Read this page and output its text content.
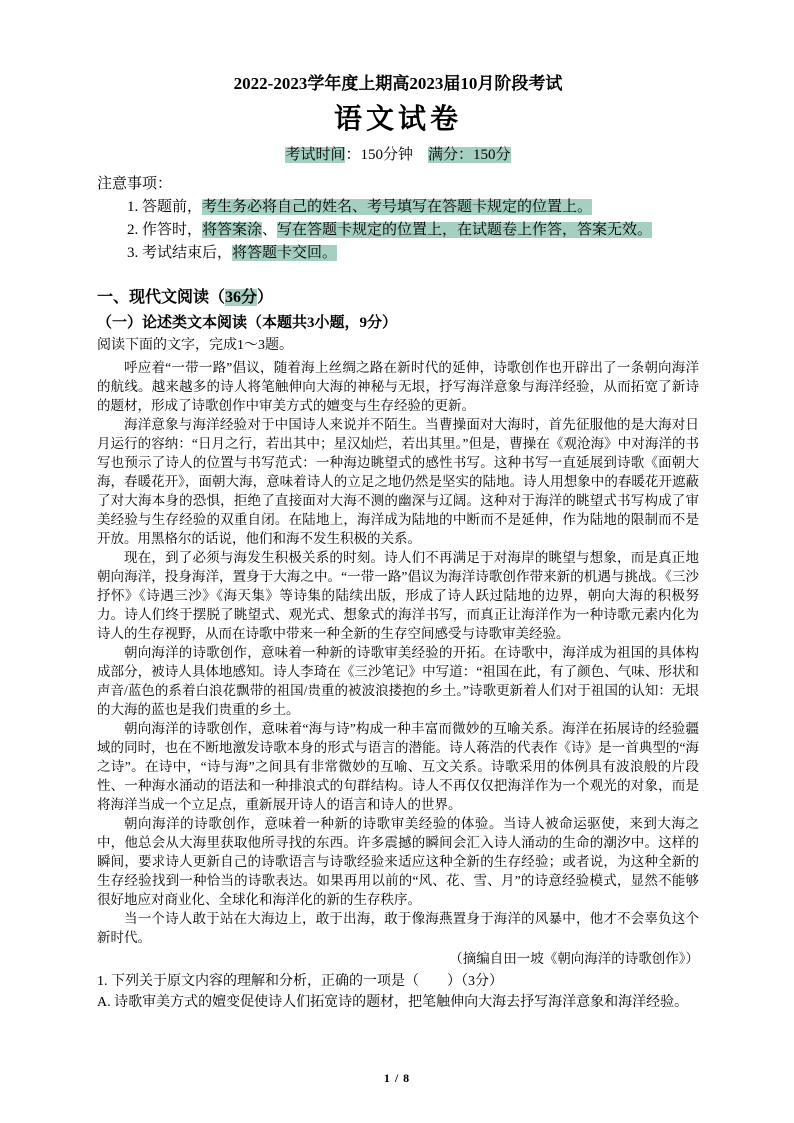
2022-2023学年度上期高2023届10月阶段考试
语文试卷
考试时间：150分钟　满分：150分
注意事项：
1. 答题前，考生务必将自己的姓名、考号填写在答题卡规定的位置上。
2. 作答时，将答案涂、写在答题卡规定的位置上，在试题卷上作答，答案无效。
3. 考试结束后，将答题卡交回。
一、现代文阅读（36分）
（一）论述类文本阅读（本题共3小题，9分）
阅读下面的文字，完成1～3题。

呼应着“一带一路”倡议，随着海上丝绸之路在新时代的延伸，诗歌创作也开辟出了一条朝向海洋的航线。越来越多的诗人将笔触伸向大海的神秘与无垠，抒写海洋意象与海洋经验，从而拓宽了新诗的题材，形成了诗歌创作中审美方式的嬗变与生存经验的更新。

海洋意象与海洋经验对于中国诗人来说并不陌生。当曹操面对大海时，首先征服他的是大海对日月运行的容纳：“日月之行，若出其中；星汉灿烂，若出其里。”但是，曹操在《观沧海》中对海洋的书写也预示了诗人的位置与书写范式：一种海边眺望式的感性书写。这种书写一直延展到诗歌《面朝大海，春暖花开》，面朝大海，意味着诗人的立足之地仍然是坚实的陆地。诗人用想象中的春暖花开遮蔽了对大海本身的恐惧，拒绝了直接面对大海不测的幽深与辽阔。这种对于海洋的眺望式书写构成了审美经验与生存经验的双重自闭。在陆地上，海洋成为陆地的中断而不是延伸，作为陆地的限制而不是开放。用黑格尔的话说，他们和海不发生积极的关系。

现在，到了必须与海发生积极关系的时刻。诗人们不再满足于对海岸的眺望与想象，而是真正地朝向海洋，投身海洋，置身于大海之中。“一带一路”倡议为海洋诗歌创作带来新的机遇与挑战。《三沙抒怀》《诗遇三沙》《海天集》等诗集的陆续出版，形成了诗人跃过陆地的边界，朝向大海的积极努力。诗人们终于摆脱了眺望式、观光式、想象式的海洋书写，而真正让海洋作为一种诗歌元素内化为诗人的生存视野，从而在诗歌中带来一种全新的生存空间感受与诗歌审美经验。

朝向海洋的诗歌创作，意味着一种新的诗歌审美经验的开拓。在诗歌中，海洋成为祖国的具体构成部分，被诗人具体地感知。诗人李琦在《三沙笔记》中写道：“祖国在此，有了颜色、气味、形状和声音/蓝色的系着白浪花飘带的祖国/贵重的被波浪搂抱的乡土。”诗歌更新着人们对于祖国的认知：无垠的大海的蓝也是我们贵重的乡土。

朝向海洋的诗歌创作，意味着“海与诗”构成一种丰富而微妙的互喻关系。海洋在拓展诗的经验疆域的同时，也在不断地激发诗歌本身的形式与语言的潜能。诗人蒋浩的代表作《诗》是一首典型的“海之诗”。在诗中，“诗与海”之间具有非常微妙的互喻、互文关系。诗歌采用的体例具有波浪般的片段性、一种海水涌动的语法和一种排浪式的句群结构。诗人不再仅仅把海洋作为一个观光的对象，而是将海洋当成一个立足点，重新展开诗人的语言和诗人的世界。

朝向海洋的诗歌创作，意味着一种新的诗歌审美经验的体验。当诗人被命运驱使，来到大海之中，他总会从大海里获取他所寻找的东西。许多震撼的瞬间会汇入诗人涌动的生命的潮汐中。这样的瞬间，要求诗人更新自己的诗歌语言与诗歌经验来适应这种全新的生存经验；或者说，为这种全新的生存经验找到一种恰当的诗歌表达。如果再用以前的“风、花、雪、月”的诗意经验模式，显然不能够很好地应对商业化、全球化和海洋化的新的生存秩序。

当一个诗人敢于站在大海边上，敢于出海，敢于像海燕置身于海洋的风暴中，他才不会辜负这个新时代。

（摘编自田一坡《朝向海洋的诗歌创作》）
1. 下列关于原文内容的理解和分析，正确的一项是（　　）（3分）
A. 诗歌审美方式的嬗变促使诗人们拓宽诗的题材，把笔触伸向大海去抒写海洋意象和海洋经验。
1 / 8
